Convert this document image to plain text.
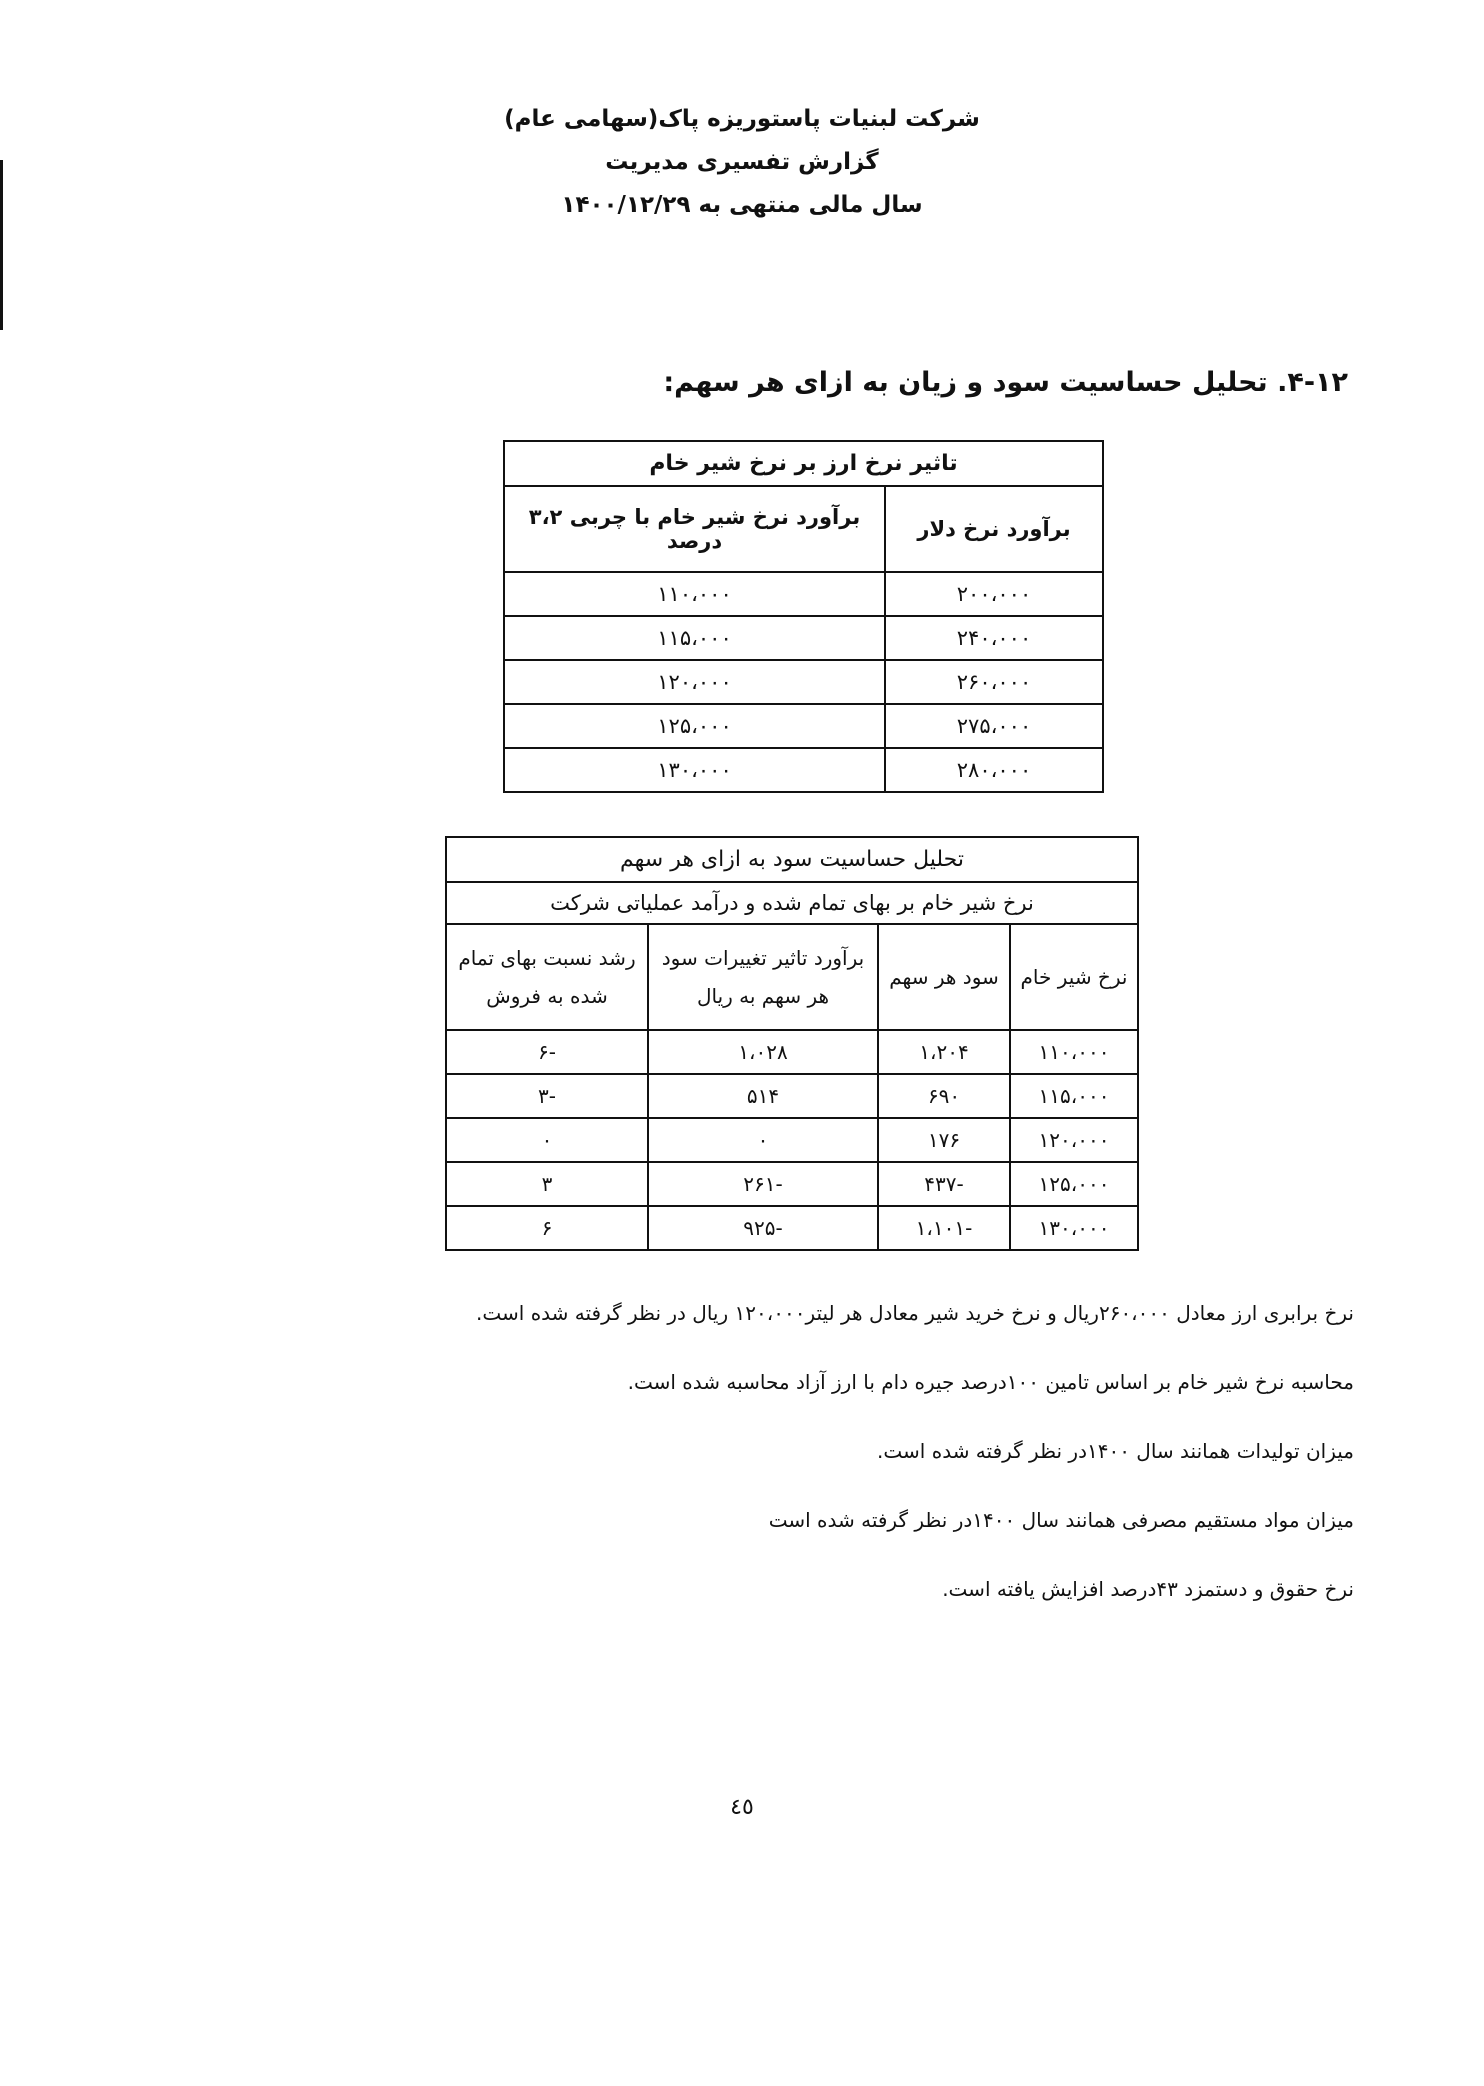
شرکت لبنیات پاستوریزه پاک(سهامی عام)
گزارش تفسیری مدیریت
سال مالی منتهی به ۱۴۰۰/۱۲/۲۹
۴-۱۲. تحلیل حساسیت سود و زیان به ازای هر سهم:
تاثیر نرخ ارز بر نرخ شیر خام	
برآورد نرخ دلار	برآورد نرخ شیر خام با چربی ۳،۲ درصد
۲۰۰،۰۰۰	۱۱۰،۰۰۰
۲۴۰،۰۰۰	۱۱۵،۰۰۰
۲۶۰،۰۰۰	۱۲۰،۰۰۰
۲۷۵،۰۰۰	۱۲۵،۰۰۰
۲۸۰،۰۰۰	۱۳۰،۰۰۰
تحلیل حساسیت سود به ازای هر سهم			
نرخ شیر خام بر بهای تمام شده و درآمد عملیاتی شرکت			
نرخ شیر خام	سود هر سهم	برآورد تاثیر تغییرات سود هر سهم به ریال	رشد نسبت بهای تمام شده به فروش
۱۱۰،۰۰۰	۱،۲۰۴	۱،۰۲۸	-۶
۱۱۵،۰۰۰	۶۹۰	۵۱۴	-۳
۱۲۰،۰۰۰	۱۷۶	۰	۰
۱۲۵،۰۰۰	-۴۳۷	-۲۶۱	۳
۱۳۰،۰۰۰	-۱،۱۰۱	-۹۲۵	۶
نرخ برابری ارز معادل ۲۶۰،۰۰۰ریال و نرخ خرید شیر معادل هر لیتر۱۲۰،۰۰۰ ریال در نظر گرفته شده است.
محاسبه نرخ شیر خام بر اساس تامین ۱۰۰درصد جیره دام با ارز آزاد محاسبه شده است.
میزان تولیدات همانند سال ۱۴۰۰در نظر گرفته شده است.
میزان مواد مستقیم مصرفی همانند سال ۱۴۰۰در نظر گرفته شده است
نرخ حقوق و دستمزد ۴۳درصد افزایش یافته است.
٤٥
